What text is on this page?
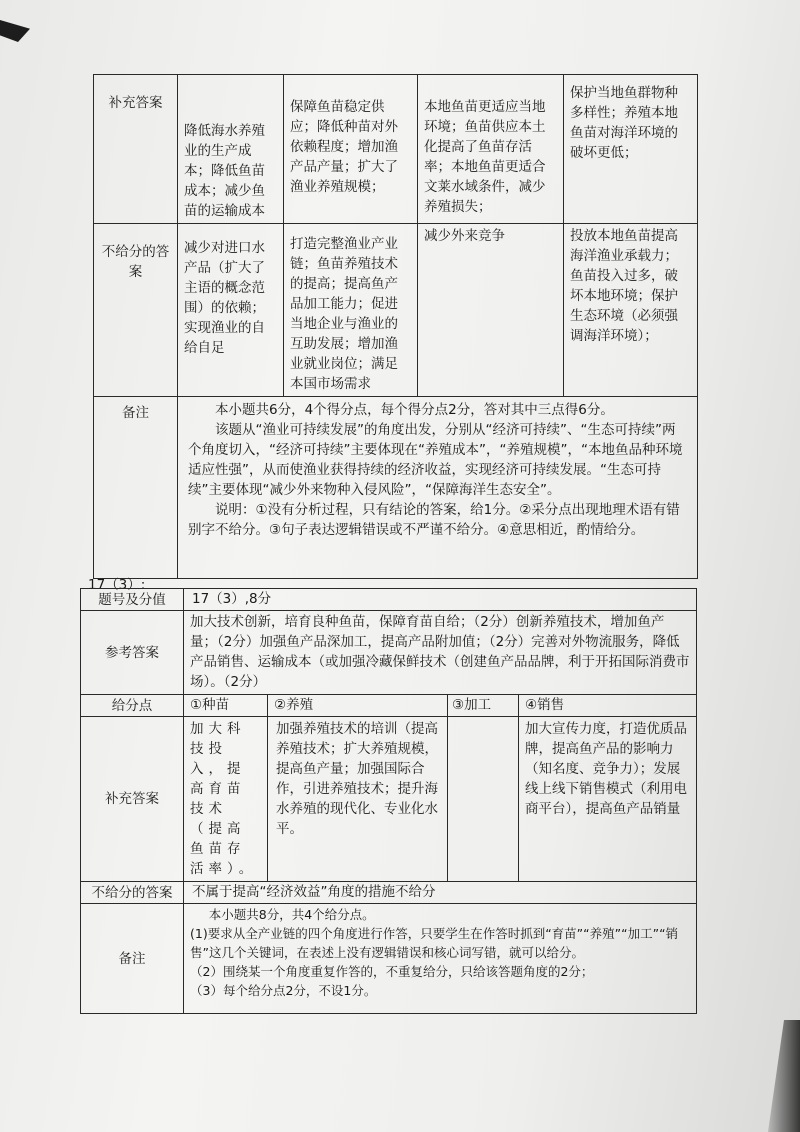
补充答案	降低海水养殖业的生产成本；降低鱼苗成本；减少鱼苗的运输成本	保障鱼苗稳定供应；降低种苗对外依赖程度；增加渔产品产量；扩大了渔业养殖规模；	本地鱼苗更适应当地环境；鱼苗供应本土化提高了鱼苗存活率；本地鱼苗更适合文莱水域条件，减少养殖损失；	保护当地鱼群物种多样性；养殖本地鱼苗对海洋环境的破坏更低；
不给分的答案	减少对进口水产品（扩大了主语的概念范围）的依赖；实现渔业的自给自足	打造完整渔业产业链；鱼苗养殖技术的提高；提高鱼产品加工能力；促进当地企业与渔业的互助发展；增加渔业就业岗位；满足本国市场需求	减少外来竞争	投放本地鱼苗提高海洋渔业承载力；鱼苗投入过多，破坏本地环境；保护生态环境（必须强调海洋环境）；
备注	本小题共6分，4个得分点，每个得分点2分，答对其中三点得6分。

该题从“渔业可持续发展”的角度出发，分别从“经济可持续”、“生态可持续”两个角度切入，“经济可持续”主要体现在“养殖成本”，“养殖规模”，“本地鱼品种环境适应性强”，从而使渔业获得持续的经济收益，实现经济可持续发展。“生态可持续”主要体现“减少外来物种入侵风险”，“保障海洋生态安全”。

说明：①没有分析过程，只有结论的答案，给1分。②采分点出现地理术语有错别字不给分。③句子表达逻辑错误或不严谨不给分。④意思相近，酌情给分。			

17（3）:
题号及分值	17（3）,8分			
参考答案	加大技术创新，培育良种鱼苗，保障育苗自给；（2分）创新养殖技术，增加鱼产量；（2分）加强鱼产品深加工，提高产品附加值；（2分）完善对外物流服务，降低产品销售、运输成本（或加强冷藏保鲜技术（创建鱼产品品牌，利于开拓国际消费市场）。（2分）			
给分点	①种苗	②养殖	③加工	④销售
补充答案	加大科技投入，提高育苗技术（提高鱼苗存活率）。	加强养殖技术的培训（提高养殖技术；扩大养殖规模，提高鱼产量；加强国际合作，引进养殖技术；提升海水养殖的现代化、专业化水平。		加大宣传力度，打造优质品牌，提高鱼产品的影响力（知名度、竞争力）；发展线上线下销售模式（利用电商平台），提高鱼产品销量
不给分的答案	不属于提高“经济效益”角度的措施不给分			
备注	本小题共8分，共4个给分点。
(1)要求从全产业链的四个角度进行作答，只要学生在作答时抓到“育苗”“养殖”“加工”“销售”这几个关键词，在表述上没有逻辑错误和核心词写错，就可以给分。
（2）围绕某一个角度重复作答的，不重复给分，只给该答题角度的2分；
（3）每个给分点2分，不设1分。			
